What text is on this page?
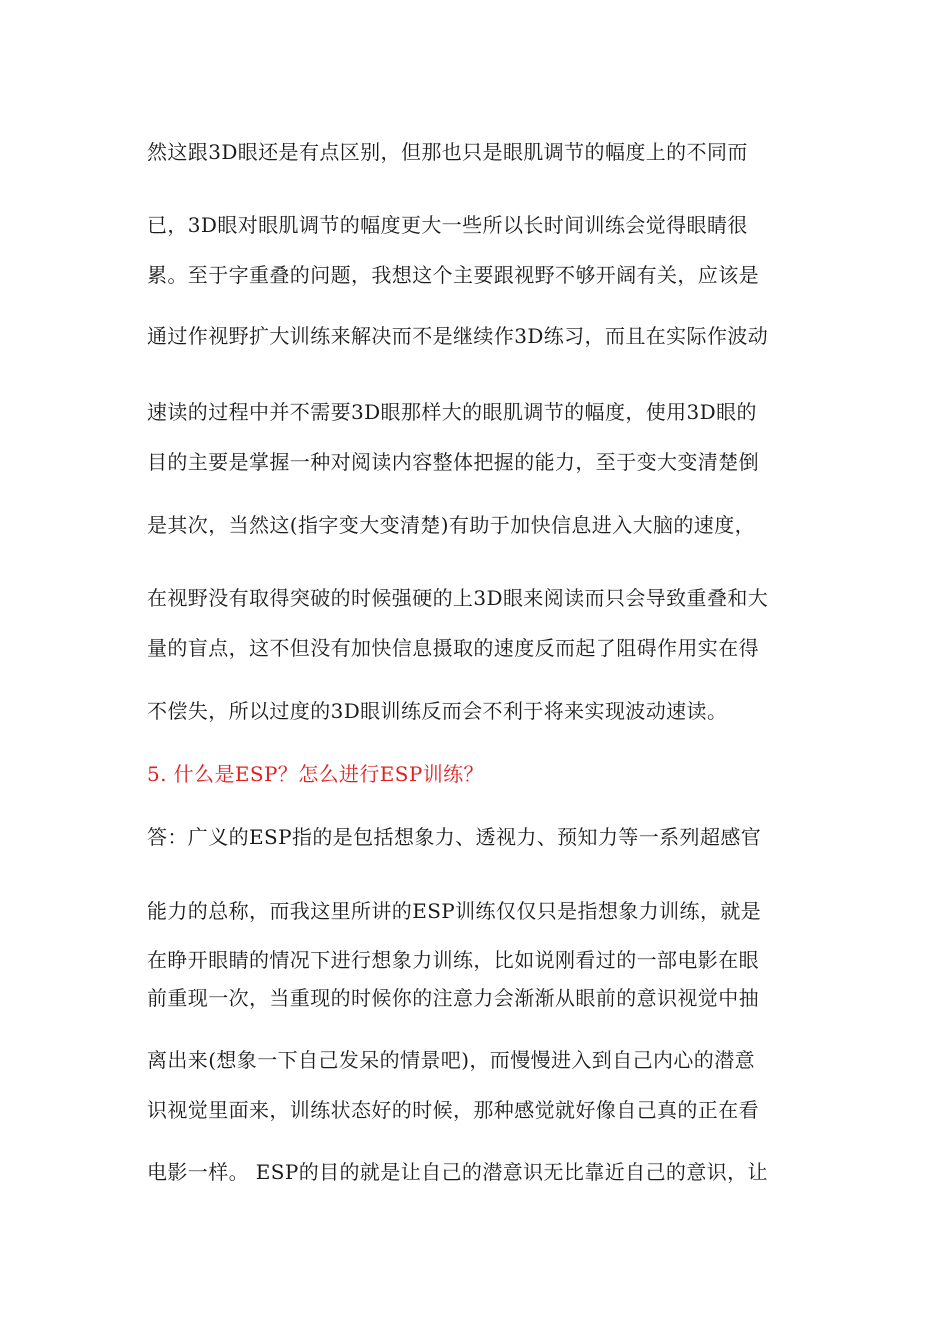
然这跟3D眼还是有点区别，但那也只是眼肌调节的幅度上的不同而
已，3D眼对眼肌调节的幅度更大一些所以长时间训练会觉得眼睛很
累。至于字重叠的问题，我想这个主要跟视野不够开阔有关，应该是
通过作视野扩大训练来解决而不是继续作3D练习，而且在实际作波动
速读的过程中并不需要3D眼那样大的眼肌调节的幅度，使用3D眼的
目的主要是掌握一种对阅读内容整体把握的能力，至于变大变清楚倒
是其次，当然这(指字变大变清楚)有助于加快信息进入大脑的速度，
在视野没有取得突破的时候强硬的上3D眼来阅读而只会导致重叠和大
量的盲点，这不但没有加快信息摄取的速度反而起了阻碍作用实在得
不偿失，所以过度的3D眼训练反而会不利于将来实现波动速读。
5. 什么是ESP？怎么进行ESP训练？
答：广义的ESP指的是包括想象力、透视力、预知力等一系列超感官
能力的总称，而我这里所讲的ESP训练仅仅只是指想象力训练，就是
在睁开眼睛的情况下进行想象力训练，比如说刚看过的一部电影在眼
前重现一次，当重现的时候你的注意力会渐渐从眼前的意识视觉中抽
离出来(想象一下自己发呆的情景吧)，而慢慢进入到自己内心的潜意
识视觉里面来，训练状态好的时候，那种感觉就好像自己真的正在看
电影一样。 ESP的目的就是让自己的潜意识无比靠近自己的意识，让
